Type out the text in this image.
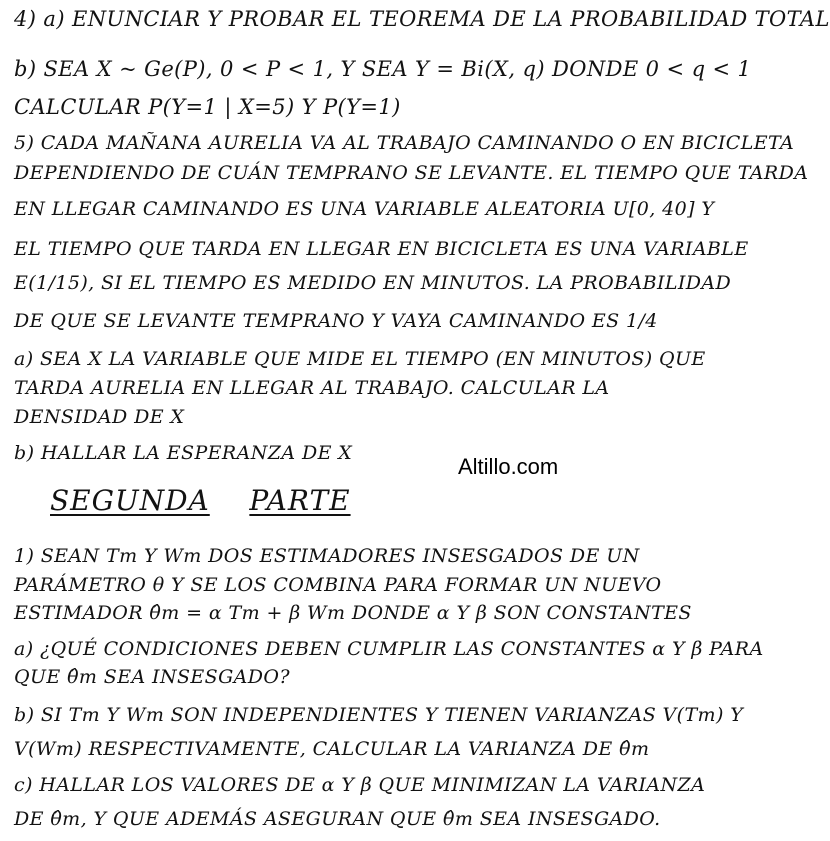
4) a) ENUNCIAR Y PROBAR EL TEOREMA DE LA PROBABILIDAD TOTAL
b) SEA X ~ Ge(P), 0 < P < 1, Y SEA Y = Bi(X, q) DONDE 0 < q < 1
CALCULAR P(Y=1 | X=5) Y P(Y=1)
5) CADA MAÑANA AURELIA VA AL TRABAJO CAMINANDO O EN BICICLETA
DEPENDIENDO DE CUÁN TEMPRANO SE LEVANTE. EL TIEMPO QUE TARDA
EN LLEGAR CAMINANDO ES UNA VARIABLE ALEATORIA U[0, 40] Y
EL TIEMPO QUE TARDA EN LLEGAR EN BICICLETA ES UNA VARIABLE
E(1/15), SI EL TIEMPO ES MEDIDO EN MINUTOS. LA PROBABILIDAD
DE QUE SE LEVANTE TEMPRANO Y VAYA CAMINANDO ES 1/4
a) SEA X LA VARIABLE QUE MIDE EL TIEMPO (EN MINUTOS) QUE
TARDA AURELIA EN LLEGAR AL TRABAJO. CALCULAR LA
DENSIDAD DE X
b) HALLAR LA ESPERANZA DE X
Altillo.com
SEGUNDA PARTE
1) SEAN Tm Y Wm DOS ESTIMADORES INSESGADOS DE UN
PARÁMETRO θ Y SE LOS COMBINA PARA FORMAR UN NUEVO
ESTIMADOR θ̂m = α Tm + β Wm DONDE α Y β SON CONSTANTES
a) ¿QUÉ CONDICIONES DEBEN CUMPLIR LAS CONSTANTES α Y β PARA
QUE θ̂m SEA INSESGADO?
b) SI Tm Y Wm SON INDEPENDIENTES Y TIENEN VARIANZAS V(Tm) Y
V(Wm) RESPECTIVAMENTE, CALCULAR LA VARIANZA DE θ̂m
c) HALLAR LOS VALORES DE α Y β QUE MINIMIZAN LA VARIANZA
DE θ̂m, Y QUE ADEMÁS ASEGURAN QUE θ̂m SEA INSESGADO.
